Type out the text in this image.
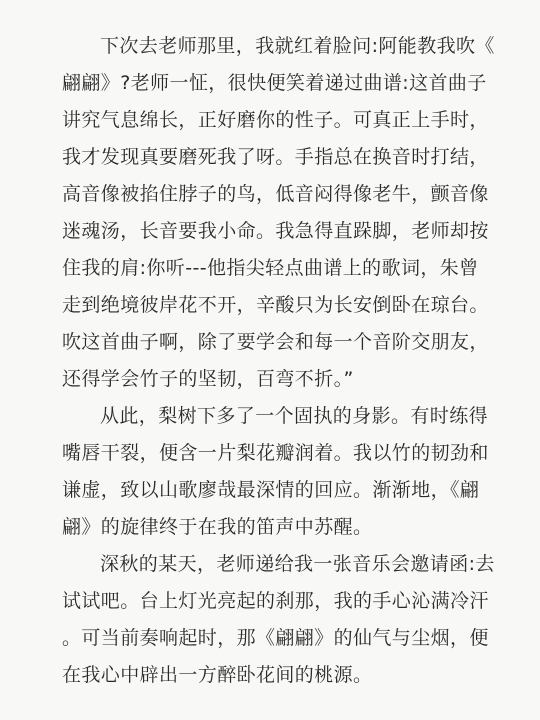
下次去老师那里，我就红着脸问:阿能教我吹《

翩翩》?老师一怔，很快便笑着递过曲谱:这首曲子

讲究气息绵长，正好磨你的性子。可真正上手时，

我才发现真要磨死我了呀。手指总在换音时打结，

高音像被掐住脖子的鸟，低音闷得像老牛，颤音像

迷魂汤，长音要我小命。我急得直跺脚，老师却按

住我的肩:你听---他指尖轻点曲谱上的歌词，朱曾

走到绝境彼岸花不开，辛酸只为长安倒卧在琼台。

吹这首曲子啊，除了要学会和每一个音阶交朋友，

还得学会竹子的坚韧，百弯不折。”

从此，梨树下多了一个固执的身影。有时练得

嘴唇干裂，便含一片梨花瓣润着。我以竹的韧劲和

谦虚，致以山歌廖哉最深情的回应。渐渐地，《翩

翩》的旋律终于在我的笛声中苏醒。

深秋的某天，老师递给我一张音乐会邀请函:去

试试吧。台上灯光亮起的刹那，我的手心沁满冷汗

。可当前奏响起时，那《翩翩》的仙气与尘烟，便

在我心中辟出一方醉卧花间的桃源。
